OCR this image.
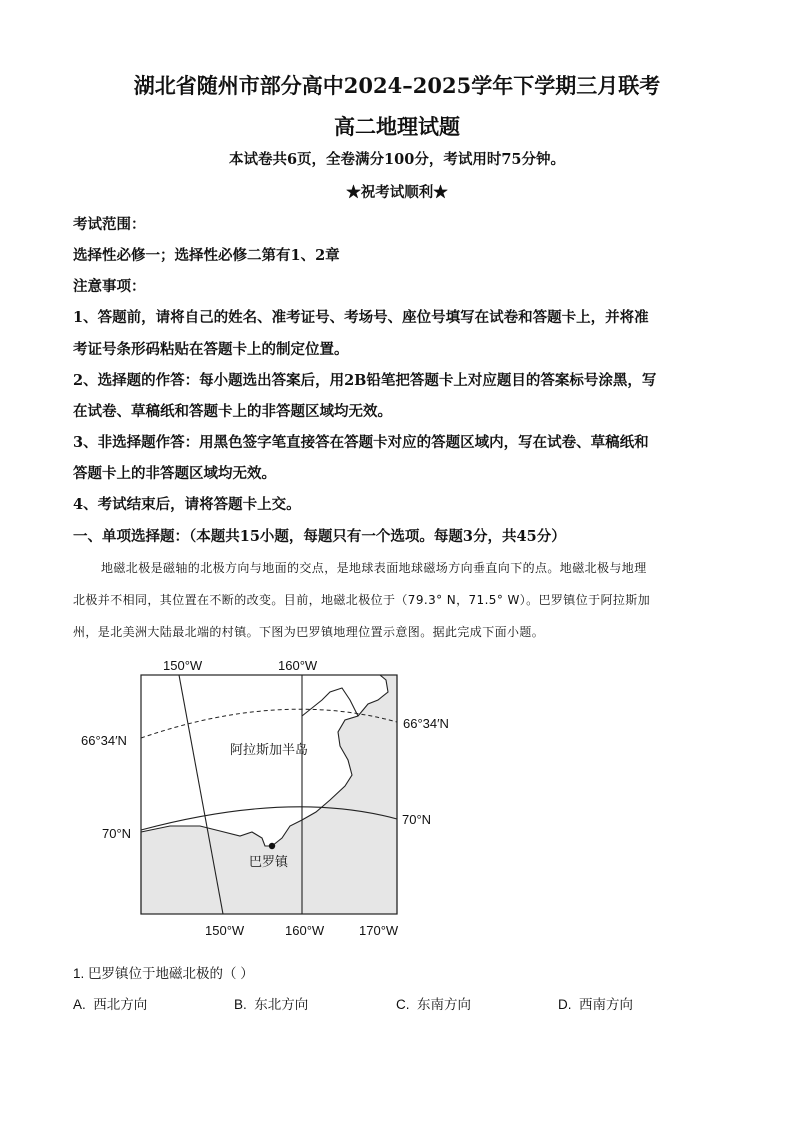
湖北省随州市部分高中2024–2025学年下学期三月联考
高二地理试题
本试卷共6页，全卷满分100分，考试用时75分钟。
★祝考试顺利★
考试范围：
选择性必修一；选择性必修二第有1、2章
注意事项：
1、答题前，请将自己的姓名、准考证号、考场号、座位号填写在试卷和答题卡上，并将准
考证号条形码粘贴在答题卡上的制定位置。
2、选择题的作答：每小题选出答案后，用2B铅笔把答题卡上对应题目的答案标号涂黑，写
在试卷、草稿纸和答题卡上的非答题区域均无效。
3、非选择题作答：用黑色签字笔直接答在答题卡对应的答题区域内，写在试卷、草稿纸和
答题卡上的非答题区域均无效。
4、考试结束后，请将答题卡上交。
一、单项选择题：（本题共15小题，每题只有一个选项。每题3分，共45分）
地磁北极是磁轴的北极方向与地面的交点，是地球表面地球磁场方向垂直向下的点。地磁北极与地理
北极并不相同，其位置在不断的改变。目前，地磁北极位于（79.3° N，71.5° W）。巴罗镇位于阿拉斯加
州，是北美洲大陆最北端的村镇。下图为巴罗镇地理位置示意图。据此完成下面小题。
150°W	160°W
150°W	160°W	170°W
66°34′N
66°34′N
70°N
70°N
阿拉斯加半岛
巴罗镇
1. 巴罗镇位于地磁北极的（ ）
A. 西北方向	B. 东北方向	C. 东南方向	D. 西南方向
